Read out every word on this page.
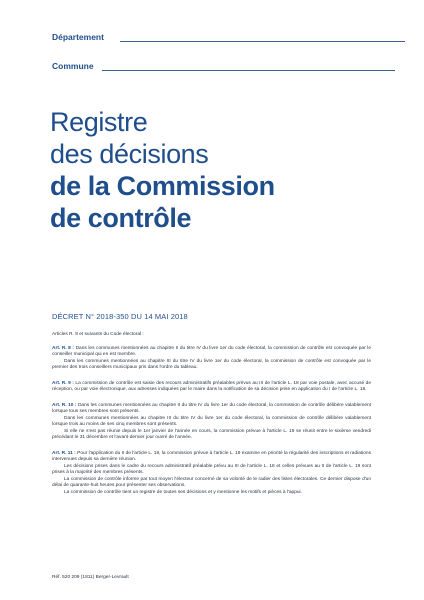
Département
Commune
Registre
des décisions
de la Commission
de contrôle
DÉCRET N° 2018-350 DU 14 MAI 2018

Articles R. 8 et suivants du Code électoral :

Art. R. 8 : Dans les communes mentionnées au chapitre II du titre IV du livre 1er du code électoral, la commission de contrôle est convoquée par le conseiller municipal qui en est membre.

Dans les communes mentionnées au chapitre III du titre IV du livre 1er du code électoral, la commission de contrôle est convoquée par le premier des trois conseillers municipaux pris dans l'ordre du tableau.

Art. R. 9 : La commission de contrôle est saisie des recours administratifs préalables prévus au III de l'article L. 18 par voie postale, avec accusé de réception, ou par voie électronique, aux adresses indiquées par le maire dans la notification de sa décision prise en application du I de l'article L. 18.

Art. R. 10 : Dans les communes mentionnées au chapitre II du titre IV du livre 1er du code électoral, la commission de contrôle délibère valablement lorsque tous ses membres sont présents.

Dans les communes mentionnées au chapitre III du titre IV du livre 1er du code électoral, la commission de contrôle délibère valablement lorsque trois au moins de ses cinq membres sont présents.

Si elle ne s'est pas réunie depuis le 1er janvier de l'année en cours, la commission prévue à l'article L. 19 se réunit entre le sixième vendredi précédant le 31 décembre et l'avant-dernier jour ouvré de l'année.

Art. R. 11 : Pour l'application du II de l'article L. 19, la commission prévue à l'article L. 19 examine en priorité la régularité des inscriptions et radiations intervenues depuis sa dernière réunion.

Les décisions prises dans le cadre du recours administratif préalable prévu au III de l'article L. 18 et celles prévues au II de l'article L. 19 sont prises à la majorité des membres présents.

La commission de contrôle informe par tout moyen l'électeur concerné de sa volonté de le radier des listes électorales. Ce dernier dispose d'un délai de quarante-huit heures pour présenter ses observations.

La commission de contrôle tient un registre de toutes ses décisions et y mentionne les motifs et pièces à l'appui.

Réf. 520 209 (1811) Berger-Levrault
